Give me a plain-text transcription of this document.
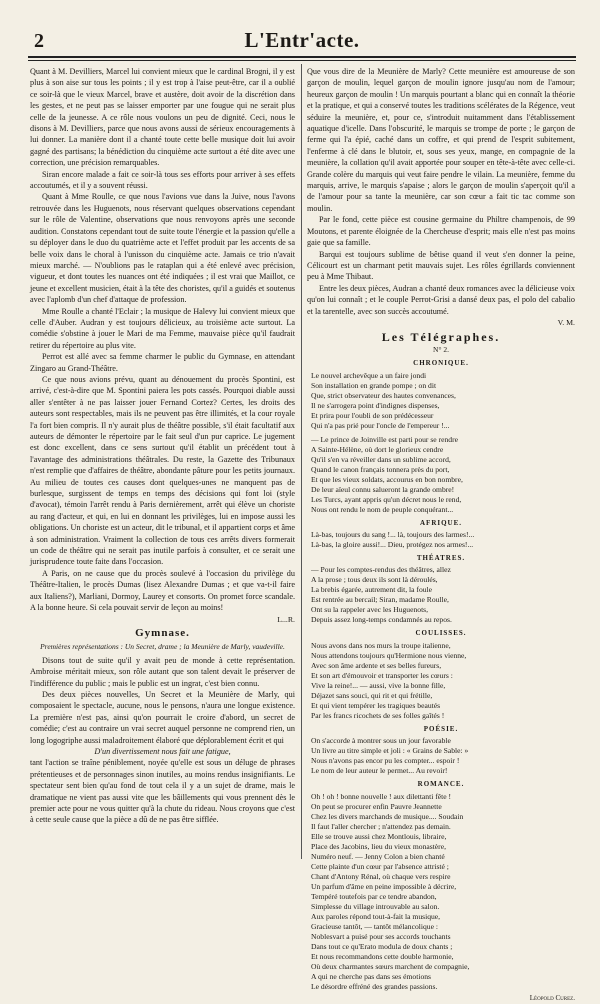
2	L'Entr'acte.

Quant à M. Devilliers, Marcel lui convient mieux que le cardinal Brogni, il y est plus à son aise sur tous les points ; il y est trop à l'aise peut-être, car il a oublié ce soir-là que le vieux Marcel, brave et austère, doit avoir de la discrétion dans les gestes, et ne peut pas se laisser emporter par une fougue qui ne serait plus celle de la jeunesse. A ce rôle nous voulons un peu de dignité. Ceci, nous le disons à M. Devilliers, parce que nous avons aussi de sérieux encouragements à lui donner. La manière dont il a chanté toute cette belle musique doit lui avoir gagné des partisans; la bénédiction du cinquième acte surtout a été dite avec une correction, une précision remarquables.

Siran encore malade a fait ce soir-là tous ses efforts pour arriver à ses effets accoutumés, et il y a souvent réussi.

Quant à Mme Roulle, ce que nous l'avions vue dans la Juive, nous l'avons retrouvée dans les Huguenots, nous réservant quelques observations cependant sur le rôle de Valentine, observations que nous renvoyons après une seconde audition. Constatons cependant tout de suite toute l'énergie et la passion qu'elle a su déployer dans le duo du quatrième acte et l'effet produit par les accents de sa belle voix dans le choral à l'unisson du cinquième acte. Jamais ce trio n'avait mieux marché. — N'oublions pas le rataplan qui a été enlevé avec précision, vigueur, et dont toutes les nuances ont été indiquées ; il est vrai que Maillot, ce jeune et excellent musicien, était à la tête des choristes, qu'il a guidés et soutenus avec l'aplomb d'un chef d'attaque de profession.

Mme Roulle a chanté l'Eclair ; la musique de Halevy lui convient mieux que celle d'Auber. Audran y est toujours délicieux, au troisième acte surtout. La comédie s'obstine à jouer le Mari de ma Femme, mauvaise pièce qu'il faudrait retirer du répertoire au plus vite.

Perrot est allé avec sa femme charmer le public du Gymnase, en attendant Zingaro au Grand-Théâtre.

Ce que nous avions prévu, quant au dénouement du procès Spontini, est arrivé, c'est-à-dire que M. Spontini paiera les pots cassés. Pourquoi diable aussi aller s'entêter à ne pas laisser jouer Fernand Cortez? Certes, les droits des auteurs sont respectables, mais ils ne peuvent pas être illimités, et la cour royale l'a fort bien compris. Il n'y aurait plus de théâtre possible, s'il était facultatif aux auteurs de démonter le répertoire par le fait seul d'un pur caprice. Le jugement est donc excellent, dans ce sens surtout qu'il établit un précédent tout à l'avantage des administrations théâtrales. Du reste, la Gazette des Tribunaux n'est remplie que d'affaires de théâtre, abondante pâture pour les petits journaux. Au milieu de toutes ces causes dont quelques-unes ne manquent pas de burlesque, surgissent de temps en temps des décisions qui font loi (style d'avocat), témoin l'arrêt rendu à Paris dernièrement, arrêt qui élève un choriste au rang d'acteur, et qui, en lui en donnant les privilèges, lui en impose aussi les obligations. Un choriste est un acteur, dit le tribunal, et il appartient corps et âme à son administration. Vraiment la collection de tous ces arrêts divers formerait un code de théâtre qui ne serait pas inutile parfois à consulter, et ce serait une jurisprudence toute faite dans l'occasion.

A Paris, on ne cause que du procès soulevé à l'occasion du privilège du Théâtre-Italien, le procès Dumas (lisez Alexandre Dumas ; et que va-t-il faire aux Italiens?), Marliani, Dormoy, Laurey et consorts. On promet force scandale. A la bonne heure. Si cela pouvait servir de leçon au moins!

L...R.
Gymnase.
Premières représentations : Un Secret, drame ; la Meunière de Marly, vaudeville.

Disons tout de suite qu'il y avait peu de monde à cette représentation. Ambroise méritait mieux, son rôle autant que son talent devait le préserver de l'indifférence du public ; mais le public est un ingrat, c'est bien connu.

Des deux pièces nouvelles, Un Secret et la Meunière de Marly, qui composaient le spectacle, aucune, nous le pensons, n'aura une longue existence. La première n'est pas, ainsi qu'on pourrait le croire d'abord, un secret de comédie; c'est au contraire un vrai secret auquel personne ne comprend rien, un long logogriphe aussi maladroitement élaboré que déplorablement écrit et qui

D'un divertissement nous fait une fatigue,

tant l'action se traîne péniblement, noyée qu'elle est sous un déluge de phrases prétentieuses et de personnages sinon inutiles, au moins rendus insignifiants. Le spectateur sent bien qu'au fond de tout cela il y a un sujet de drame, mais le dramatique ne vient pas aussi vite que les bâillements qui vous prennent dès le premier acte pour ne vous quitter qu'à la chute du rideau. Nous croyons que c'est à cette seule cause que la pièce a dû de ne pas être sifflée.

Que vous dire de la Meunière de Marly? Cette meunière est amoureuse de son garçon de moulin, lequel garçon de moulin ignore jusqu'au nom de l'amour; heureux garçon de moulin ! Un marquis pourtant a blanc qui en connaît la théorie et la pratique, et qui a conservé toutes les traditions scélérates de la Régence, veut séduire la meunière, et, pour ce, s'introduit nuitamment dans l'établissement aquatique d'icelle. Dans l'obscurité, le marquis se trompe de porte ; le garçon de ferme qui l'a épié, caché dans un coffre, et qui prend de l'esprit subitement, l'enferme à clé dans le blutoir, et, sous ses yeux, mange, en compagnie de la meunière, la collation qu'il avait apportée pour souper en tête-à-tête avec celle-ci. Grande colère du marquis qui veut faire pendre le vilain. La meunière, femme du marquis, arrive, le marquis s'apaise ; alors le garçon de moulin s'aperçoit qu'il a de l'amour pour sa tante la meunière, car son cœur a fait tic tac comme son moulin.

Par le fond, cette pièce est cousine germaine du Philtre champenois, de 99 Moutons, et parente éloignée de la Chercheuse d'esprit; mais elle n'est pas moins gaie que sa famille.

Barqui est toujours sublime de bêtise quand il veut s'en donner la peine, Célicourt est un charmant petit mauvais sujet. Les rôles égrillards conviennent peu à Mme Thibaut.

Entre les deux pièces, Audran a chanté deux romances avec la délicieuse voix qu'on lui connaît ; et le couple Perrot-Grisi a dansé deux pas, el polo del cabalio et la tarentelle, avec son succès accoutumé.

V. M.
Les Télégraphes.
N° 2.
CHRONIQUE.
Le nouvel archevêque a un faire jondi
Son installation en grande pompe ; on dit
Que, strict observateur des hautes convenances,
Il ne s'arrogera point d'indignes dispenses,
Et prira pour l'oubli de son prédécesseur
Qui n'a pas prié pour l'oncle de l'empereur !...
— Le prince de Joinville est parti pour se rendre
A Sainte-Hélène, où dort le glorieux cendre
Qu'il s'en va réveiller dans un sublime accord,
Quand le canon français tonnera près du port,
Et que les vieux soldats, accourus en bon nombre,
De leur aïeul connu salueront la grande ombre!
Les Turcs, ayant appris qu'un décret nous le rend,
Nous ont rendu le nom de peuple conquérant...
AFRIQUE.
Là-bas, toujours du sang !... là, toujours des larmes!...
Là-bas, la gloire aussi!... Dieu, protégez nos armes!...
THÉATRES.
— Pour les comptes-rendus des théâtres, allez
A la prose ; tous deux ils sont là déroulés,
La brebis égarée, autrement dit, la foule
Est rentrée au bercail; Siran, madame Roulle,
Ont su la rappeler avec les Huguenots,
Depuis assez long-temps condamnés au repos.
COULISSES.
Nous avons dans nos murs la troupe italienne,
Nous attendons toujours qu'Hermione nous vienne,
Avec son âme ardente et ses belles fureurs,
Et son art d'émouvoir et transporter les cœurs :
Vive la reine!... — aussi, vive la bonne fille,
Déjazet sans souci, qui rit et qui frétille,
Et qui vient tempérer les tragiques beautés
Par les francs ricochets de ses folles gaîtés !
POÉSIE.
On s'accorde à montrer sous un jour favorable
Un livre au titre simple et joli : « Grains de Sable: »
Nous n'avons pas encor pu les compter... espoir !
Le nom de leur auteur le permet... Au revoir!
ROMANCE.
Oh ! oh ! bonne nouvelle ! aux dilettanti fête !
On peut se procurer enfin Pauvre Jeannette
Chez les divers marchands de musique.... Soudain
Il faut l'aller chercher ; n'attendez pas demain.
Elle se trouve aussi chez Montlouis, libraire,
Place des Jacobins, lieu du vieux monastère,
Numéro neuf. — Jenny Colon a bien chanté
Cette plainte d'un cœur par l'absence attristé ;
Chant d'Antony Rénal, où chaque vers respire
Un parfum d'âme en peine impossible à décrire,
Tempéré toutefois par ce tendre abandon,
Simplesse du village introuvable au salon.
Aux paroles répond tout-à-fait la musique,
Gracieuse tantôt, — tantôt mélancolique :
Noblesvart a puisé pour ses accords touchants
Dans tout ce qu'Erato modula de doux chants ;
Et nous recommandons cette double harmonie,
Où deux charmantes sœurs marchent de compagnie,
A qui ne cherche pas dans ses émotions
Le désordre effréné des grandes passions.
Léopold Curez.
